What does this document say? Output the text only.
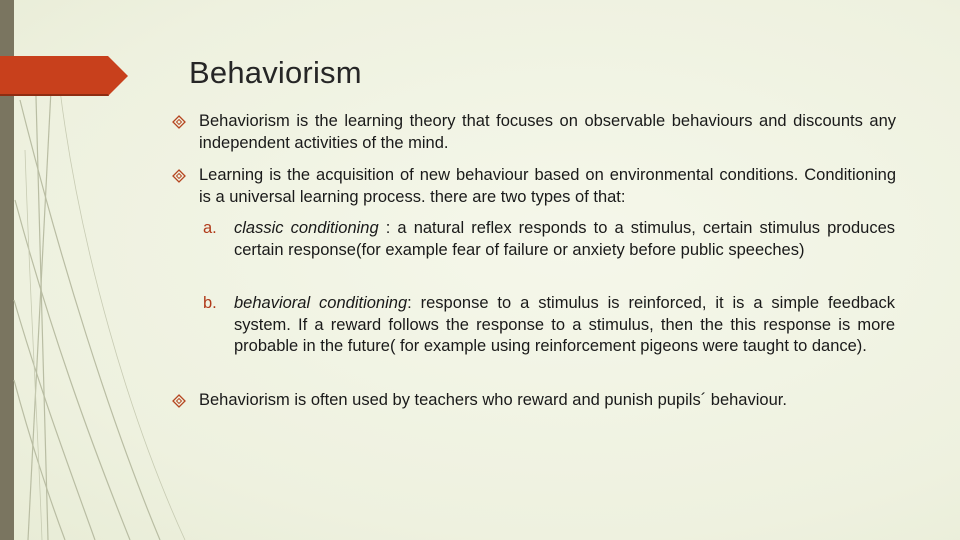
Behaviorism
Behaviorism is the learning theory that focuses on observable behaviours and discounts any independent activities of the mind.
Learning is the acquisition of new behaviour based on environmental conditions. Conditioning is a universal learning process. there are two types of that:
a. classic conditioning : a natural reflex responds to a stimulus, certain stimulus produces certain response(for example fear of failure or anxiety before public speeches)
b. behavioral conditioning: response to a stimulus is reinforced, it is a simple feedback system. If a reward follows the response to a stimulus, then the this response is more probable in the future( for example using reinforcement pigeons were taught to dance).
Behaviorism is often used by teachers who reward and punish pupils´ behaviour.
